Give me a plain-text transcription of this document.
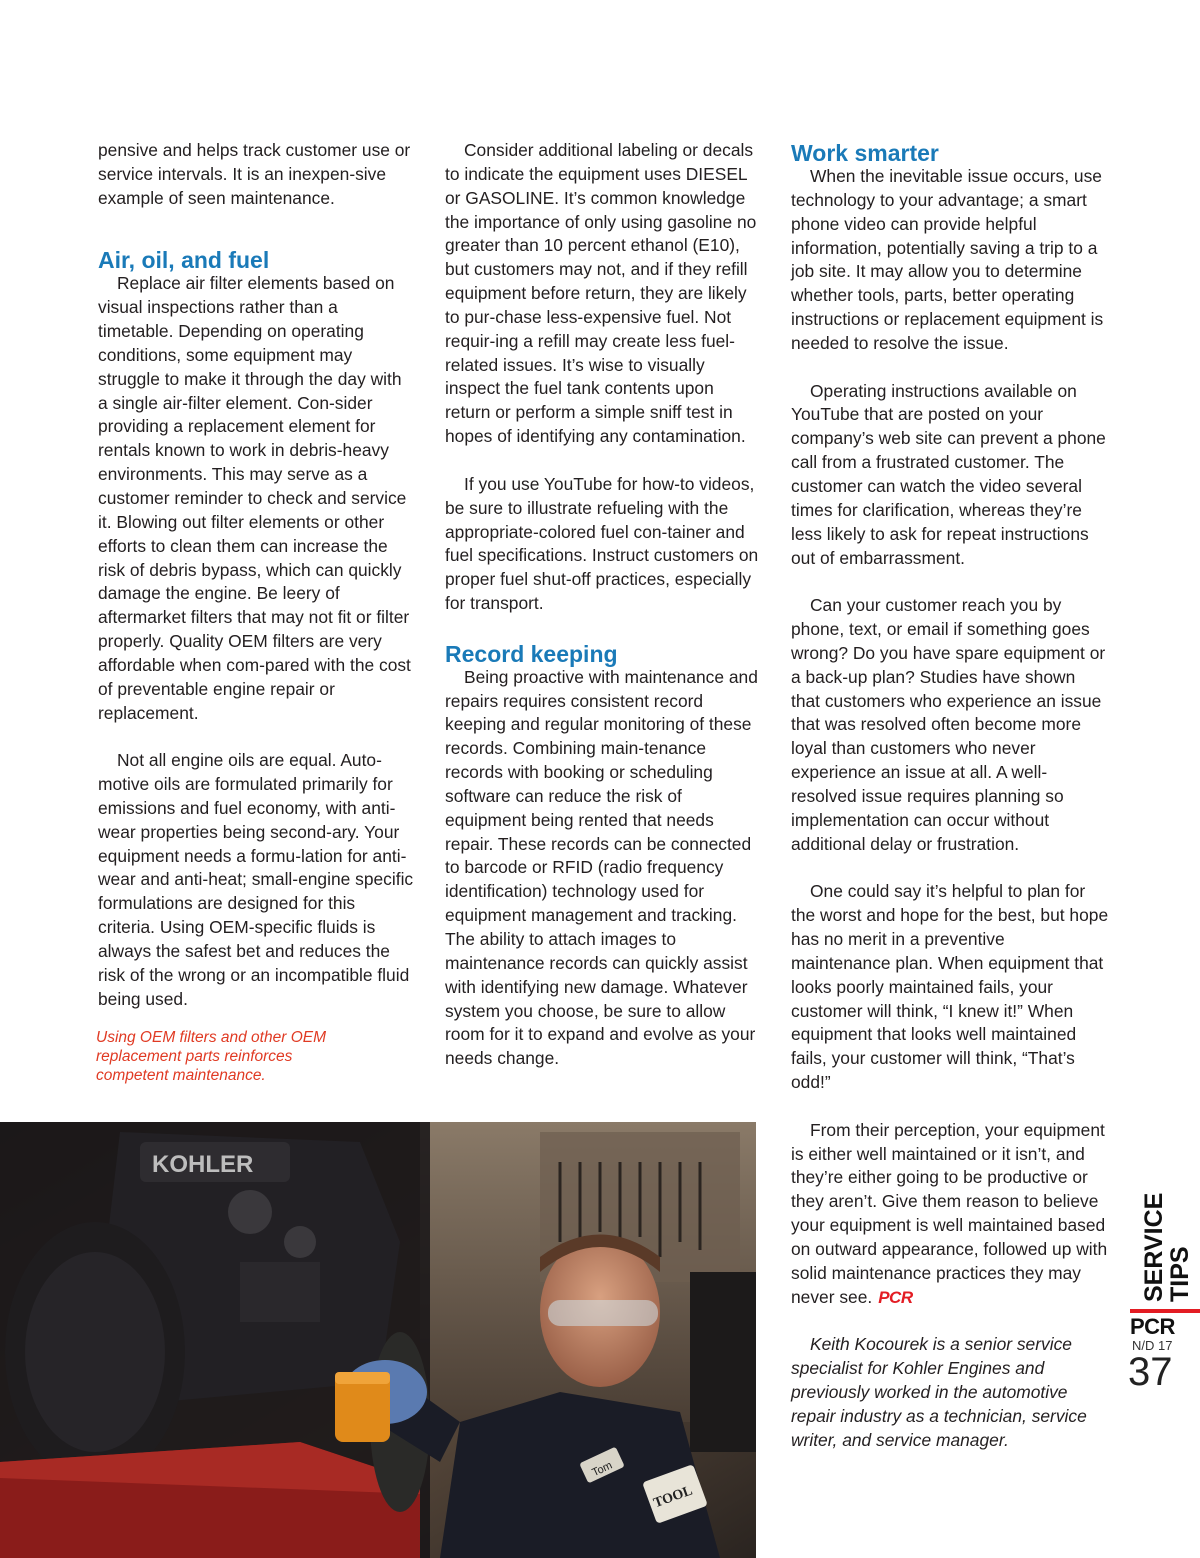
pensive and helps track customer use or service intervals. It is an inexpen-sive example of seen maintenance.

Air, oil, and fuel

Replace air filter elements based on visual inspections rather than a timetable. Depending on operating conditions, some equipment may struggle to make it through the day with a single air-filter element. Con-sider providing a replacement element for rentals known to work in debris-heavy environments. This may serve as a customer reminder to check and service it. Blowing out filter elements or other efforts to clean them can increase the risk of debris bypass, which can quickly damage the engine. Be leery of aftermarket filters that may not fit or filter properly. Quality OEM filters are very affordable when com-pared with the cost of preventable engine repair or replacement.

Not all engine oils are equal. Auto-motive oils are formulated primarily for emissions and fuel economy, with anti-wear properties being second-ary. Your equipment needs a formu-lation for anti-wear and anti-heat; small-engine specific formulations are designed for this criteria. Using OEM-specific fluids is always the safest bet and reduces the risk of the wrong or an incompatible fluid being used.

Using OEM filters and other OEM replacement parts reinforces competent maintenance.

Consider additional labeling or decals to indicate the equipment uses DIESEL or GASOLINE. It’s common knowledge the importance of only using gasoline no greater than 10 percent ethanol (E10), but customers may not, and if they refill equipment before return, they are likely to pur-chase less-expensive fuel. Not requir-ing a refill may create less fuel-related issues. It’s wise to visually inspect the fuel tank contents upon return or perform a simple sniff test in hopes of identifying any contamination.

If you use YouTube for how-to videos, be sure to illustrate refueling with the appropriate-colored fuel con-tainer and fuel specifications. Instruct customers on proper fuel shut-off practices, especially for transport.

Record keeping

Being proactive with maintenance and repairs requires consistent record keeping and regular monitoring of these records. Combining main-tenance records with booking or scheduling software can reduce the risk of equipment being rented that needs repair. These records can be connected to barcode or RFID (radio frequency identification) technology used for equipment management and tracking. The ability to attach images to maintenance records can quickly assist with identifying new damage. Whatever system you choose, be sure to allow room for it to expand and evolve as your needs change.

Work smarter

When the inevitable issue occurs, use technology to your advantage; a smart phone video can provide helpful information, potentially saving a trip to a job site. It may allow you to determine whether tools, parts, better operating instructions or replacement equipment is needed to resolve the issue.

Operating instructions available on YouTube that are posted on your company’s web site can prevent a phone call from a frustrated customer. The customer can watch the video several times for clarification, whereas they’re less likely to ask for repeat instructions out of embarrassment.

Can your customer reach you by phone, text, or email if something goes wrong? Do you have spare equipment or a back-up plan? Studies have shown that customers who experience an issue that was resolved often become more loyal than customers who never experience an issue at all. A well-resolved issue requires planning so implementation can occur without additional delay or frustration.

One could say it’s helpful to plan for the worst and hope for the best, but hope has no merit in a preventive maintenance plan. When equipment that looks poorly maintained fails, your customer will think, “I knew it!” When equipment that looks well maintained fails, your customer will think, “That’s odd!”

From their perception, your equipment is either well maintained or it isn’t, and they’re either going to be productive or they aren’t. Give them reason to believe your equipment is well maintained based on outward appearance, followed up with solid maintenance practices they may never see. PCR

Keith Kocourek is a senior service specialist for Kohler Engines and previously worked in the automotive repair industry as a technician, service writer, and service manager.

KOHLER
Tom
TOOL
SERVICE
TIPS
PCR
N/D 17
37
